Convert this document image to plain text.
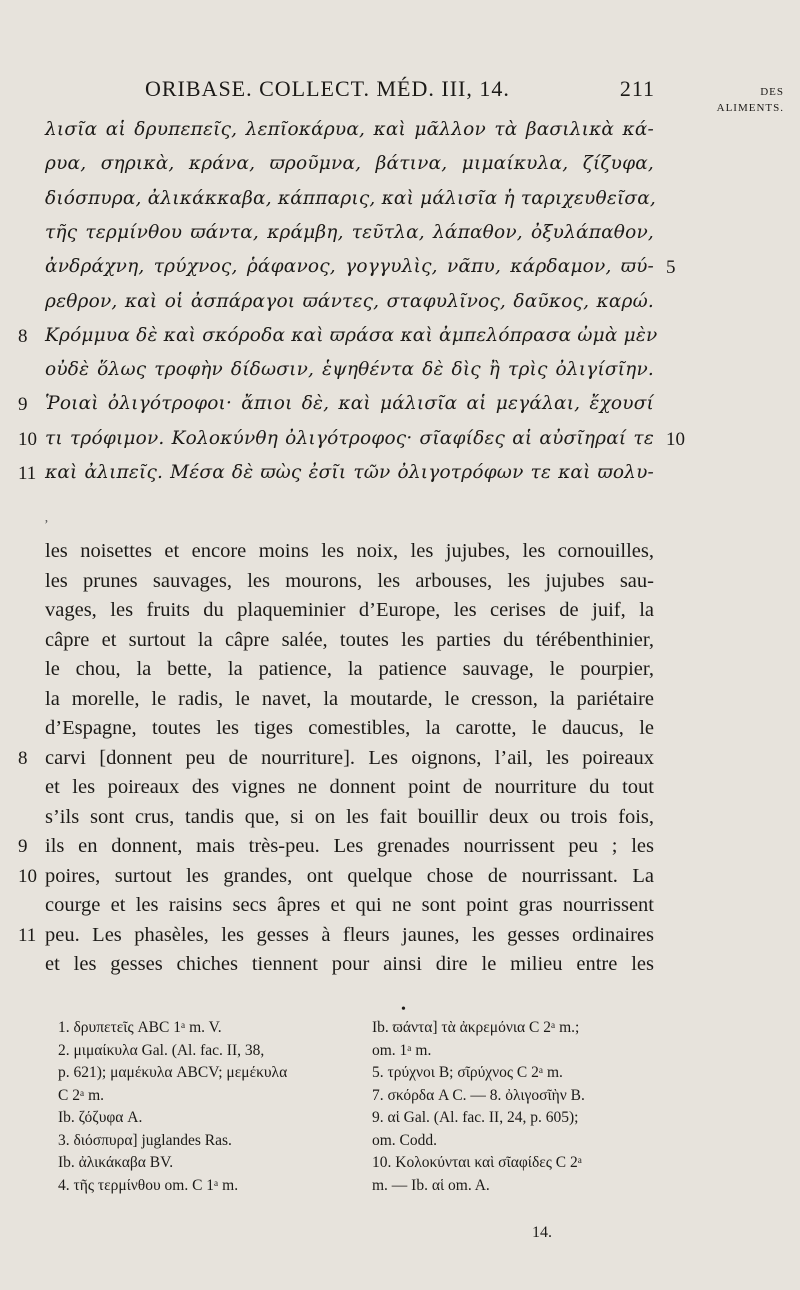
ORIBASE. COLLECT. MÉD. III, 14.	211	DES
ALIMENTS.
λισῖα αἱ δρυπεπεῖς, λεπῖοκάρυα, καὶ μᾶλλον τὰ βασιλικὰ κά-
ρυα, σηρικὰ, κράνα, ϖροῦμνα, βάτινα, μιμαίκυλα, ζίζυφα,
διόσπυρα, ἀλικάκκαβα, κάππαρις, καὶ μάλισῖα ἡ ταριχευθεῖσα,
τῆς τερμίνθου ϖάντα, κράμβη, τεῦτλα, λάπαθον, ὀξυλάπαθον,
ἀνδράχνη, τρύχνος, ῥάφανος, γογγυλὶς, νᾶπυ, κάρδαμον, ϖύ-
ρεθρον, καὶ οἱ ἀσπάραγοι ϖάντες, σταφυλῖνος, δαῦκος, καρώ.
Κρόμμυα δὲ καὶ σκόροδα καὶ ϖράσα καὶ ἀμπελόπρασα ὠμὰ μὲν
οὐδὲ ὅλως τροφὴν δίδωσιν, ἑψηθέντα δὲ δὶς ἢ τρὶς ὀλιγίσῖην.
Ῥοιαὶ ὀλιγότροφοι· ἄπιοι δὲ, καὶ μάλισῖα αἱ μεγάλαι, ἔχουσί
τι τρόφιμον. Κολοκύνθη ὀλιγότροφος· σῖαφίδες αἱ αὐσῖηραί τε
καὶ ἀλιπεῖς. Μέσα δὲ ϖὼς ἐσῖι τῶν ὀλιγοτρόφων τε καὶ ϖολυ-
8
9
10
11
5
10
les noisettes et encore moins les noix, les jujubes, les cornouilles,
les prunes sauvages, les mourons, les arbouses, les jujubes sau-
vages, les fruits du plaqueminier d’Europe, les cerises de juif, la
câpre et surtout la câpre salée, toutes les parties du térébenthinier,
le chou, la bette, la patience, la patience sauvage, le pourpier,
la morelle, le radis, le navet, la moutarde, le cresson, la pariétaire
d’Espagne, toutes les tiges comestibles, la carotte, le daucus, le
carvi [donnent peu de nourriture]. Les oignons, l’ail, les poireaux
et les poireaux des vignes ne donnent point de nourriture du tout
s’ils sont crus, tandis que, si on les fait bouillir deux ou trois fois,
ils en donnent, mais très-peu. Les grenades nourrissent peu ; les
poires, surtout les grandes, ont quelque chose de nourrissant. La
courge et les raisins secs âpres et qui ne sont point gras nourrissent
peu. Les phasèles, les gesses à fleurs jaunes, les gesses ordinaires
et les gesses chiches tiennent pour ainsi dire le milieu entre les
8
9
10
11
ʼ
•
1. δρυπετεῖς ABC 1ᵃ m. V.
2. μιμαίκυλα Gal. (Al. fac. II, 38,
p. 621); μαμέκυλα ABCV; μεμέκυλα
C 2ᵃ m.
Ib. ζόζυφα A.
3. διόσπυρα] juglandes Ras.
Ib. ἀλικάκαβα BV.
4. τῆς τερμίνθου om. C 1ᵃ m.
Ib. ϖάντα] τὰ ἀκρεμόνια C 2ᵃ m.;
om. 1ᵃ m.
5. τρύχνοι B; σῖρύχνος C 2ᵃ m.
7. σκόρδα A C. — 8. ὀλιγοσῖὴν B.
9. αἱ Gal. (Al. fac. II, 24, p. 605);
om. Codd.
10. Κολοκύνται καὶ σῖαφίδες C 2ᵃ
m. — Ib. αἱ om. A.
14.
